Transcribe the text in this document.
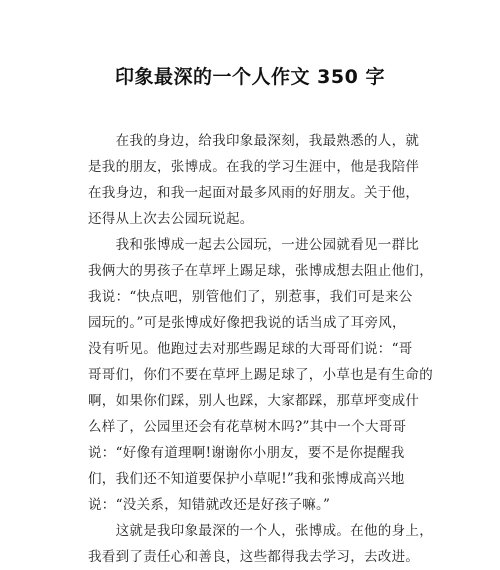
印象最深的一个人作文 350 字
　　在我的身边，给我印象最深刻，我最熟悉的人，就
是我的朋友，张博成。在我的学习生涯中，他是我陪伴
在我身边，和我一起面对最多风雨的好朋友。关于他，
还得从上次去公园玩说起。
　　我和张博成一起去公园玩，一进公园就看见一群比
我俩大的男孩子在草坪上踢足球，张博成想去阻止他们，
我说：“快点吧，别管他们了，别惹事，我们可是来公
园玩的。”可是张博成好像把我说的话当成了耳旁风，
没有听见。他跑过去对那些踢足球的大哥哥们说：“哥
哥哥们，你们不要在草坪上踢足球了，小草也是有生命的
啊，如果你们踩，别人也踩，大家都踩，那草坪变成什
么样了，公园里还会有花草树木吗?”其中一个大哥哥
说：“好像有道理啊!谢谢你小朋友，要不是你提醒我
们，我们还不知道要保护小草呢!”我和张博成高兴地
说：“没关系，知错就改还是好孩子嘛。”
　　这就是我印象最深的一个人，张博成。在他的身上，
我看到了责任心和善良，这些都得我去学习，去改进。
